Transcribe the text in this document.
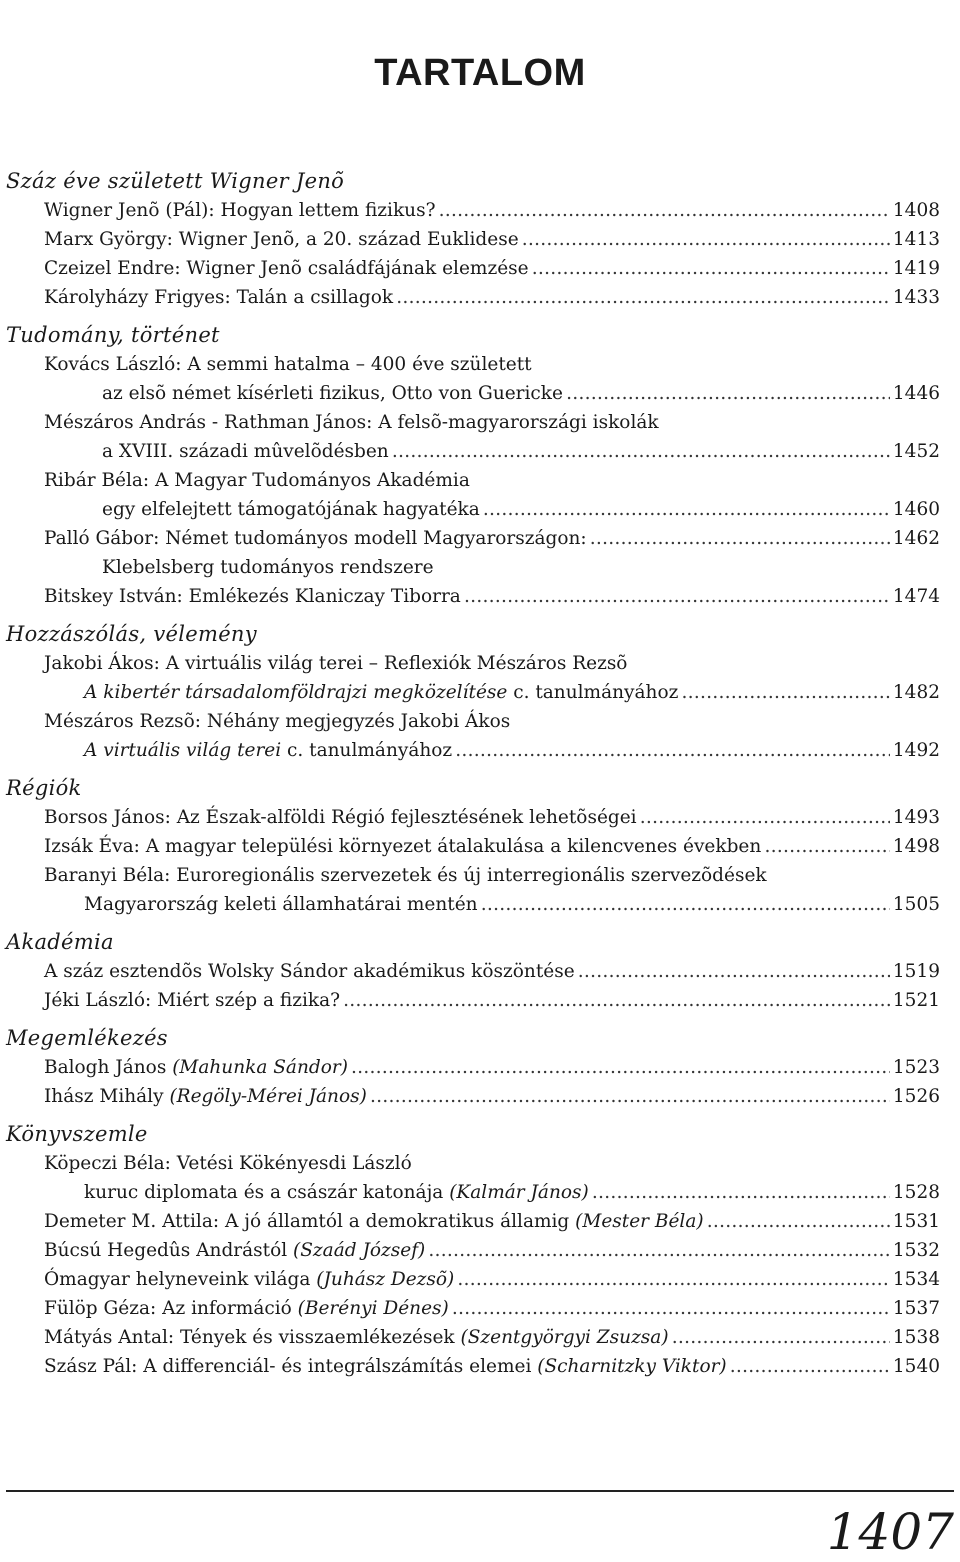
TARTALOM
Száz éve született Wigner Jenõ
Wigner Jenõ (Pál): Hogyan lettem fizikus? ……………………………………………………………………………………………………………………………………	1408
Marx György: Wigner Jenõ, a 20. század Euklidese ……………………………………………………………………………………………………………………………………	1413
Czeizel Endre: Wigner Jenõ családfájának elemzése ……………………………………………………………………………………………………………………………………	1419
Károlyházy Frigyes: Talán a csillagok ……………………………………………………………………………………………………………………………………	1433
Tudomány, történet
Kovács László: A semmi hatalma – 400 éve született
az elsõ német kísérleti fizikus, Otto von Guericke ……………………………………………………………………………………………………………………………………	1446
Mészáros András - Rathman János: A felsõ-magyarországi iskolák
a XVIII. századi mûvelõdésben ……………………………………………………………………………………………………………………………………	1452
Ribár Béla: A Magyar Tudományos Akadémia
egy elfelejtett támogatójának hagyatéka ……………………………………………………………………………………………………………………………………	1460
Palló Gábor: Német tudományos modell Magyarországon: ……………………………………………………………………………………………………………………………………	1462
Klebelsberg tudományos rendszere
Bitskey István: Emlékezés Klaniczay Tiborra ……………………………………………………………………………………………………………………………………	1474
Hozzászólás, vélemény
Jakobi Ákos: A virtuális világ terei – Reflexiók Mészáros Rezsõ
A kibertér társadalomföldrajzi megközelítése c. tanulmányához ……………………………………………………………………………………………………………………………………	1482
Mészáros Rezsõ: Néhány megjegyzés Jakobi Ákos
A virtuális világ terei c. tanulmányához ……………………………………………………………………………………………………………………………………	1492
Régiók
Borsos János: Az Észak-alföldi Régió fejlesztésének lehetõségei ……………………………………………………………………………………………………………………………………	1493
Izsák Éva: A magyar települési környezet átalakulása a kilencvenes években ……………………………………………………………………………………………………………………………………	1498
Baranyi Béla: Euroregionális szervezetek és új interregionális szervezõdések
Magyarország keleti államhatárai mentén ……………………………………………………………………………………………………………………………………	1505
Akadémia
A száz esztendõs Wolsky Sándor akadémikus köszöntése ……………………………………………………………………………………………………………………………………	1519
Jéki László: Miért szép a fizika? ……………………………………………………………………………………………………………………………………	1521
Megemlékezés
Balogh János (Mahunka Sándor) ……………………………………………………………………………………………………………………………………	1523
Ihász Mihály (Regöly-Mérei János) ……………………………………………………………………………………………………………………………………	1526
Könyvszemle
Köpeczi Béla: Vetési Kökényesdi László
kuruc diplomata és a császár katonája (Kalmár János) ……………………………………………………………………………………………………………………………………	1528
Demeter M. Attila: A jó államtól a demokratikus államig (Mester Béla) ……………………………………………………………………………………………………………………………………	1531
Búcsú Hegedûs Andrástól (Szaád József) ……………………………………………………………………………………………………………………………………	1532
Ómagyar helyneveink világa (Juhász Dezsõ) ……………………………………………………………………………………………………………………………………	1534
Fülöp Géza: Az információ (Berényi Dénes) ……………………………………………………………………………………………………………………………………	1537
Mátyás Antal: Tények és visszaemlékezések (Szentgyörgyi Zsuzsa) ……………………………………………………………………………………………………………………………………	1538
Szász Pál: A differenciál- és integrálszámítás elemei (Scharnitzky Viktor) ……………………………………………………………………………………………………………………………………	1540
1407
